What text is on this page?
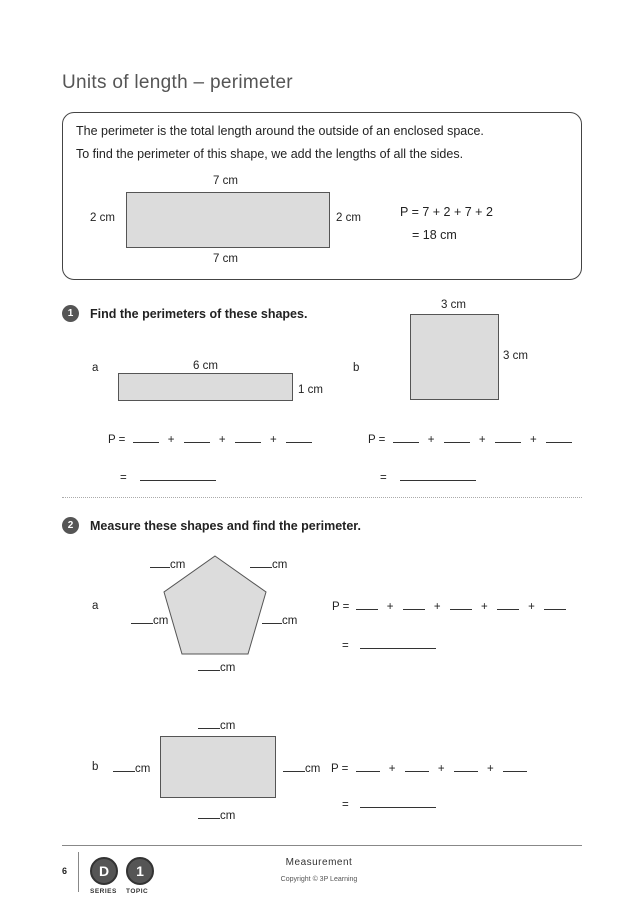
Units of length – perimeter
The perimeter is the total length around the outside of an enclosed space.
To find the perimeter of this shape, we add the lengths of all the sides.
7 cm
2 cm	2 cm
7 cm
P = 7 + 2 + 7 + 2
= 18 cm
1	Find the perimeters of these shapes.
a	6 cm
1 cm
b
3 cm
3 cm
P =	+	+	+
=
P =	+	+	+
=
2	Measure these shapes and find the perimeter.
a
cm	cm
cm	cm
cm
P =	+	+	+	+
=
b
cm
cm	cm
cm
P =	+	+	+
=
6	D	1
SERIES TOPIC
Measurement
Copyright © 3P Learning
